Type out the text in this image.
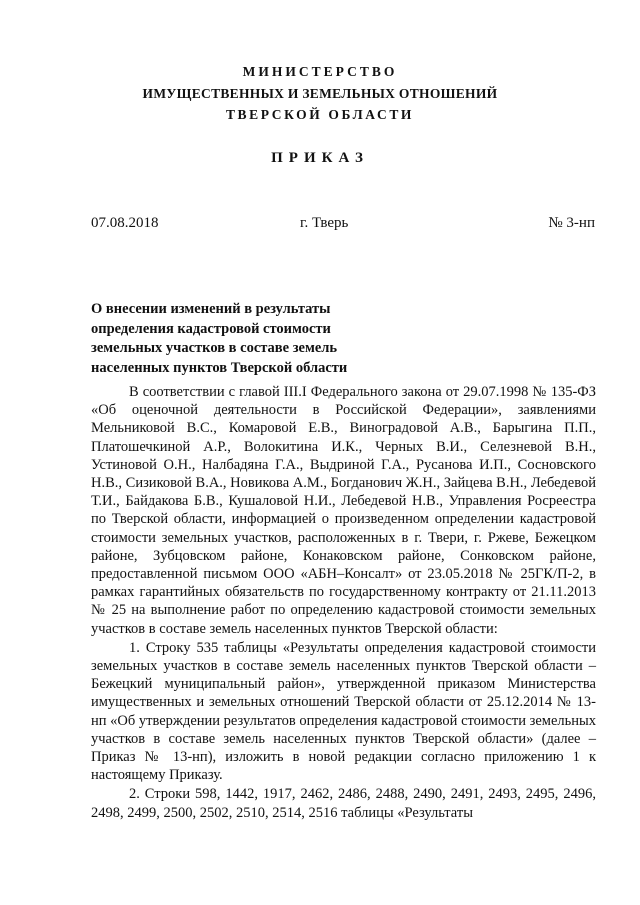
МИНИСТЕРСТВО
ИМУЩЕСТВЕННЫХ И ЗЕМЕЛЬНЫХ ОТНОШЕНИЙ
ТВЕРСКОЙ ОБЛАСТИ
ПРИКАЗ
07.08.2018	г. Тверь	№ 3-нп
О внесении изменений в результаты
определения кадастровой стоимости
земельных участков в составе земель
населенных пунктов Тверской области

В соответствии с главой III.I Федерального закона от 29.07.1998 № 135-ФЗ «Об оценочной деятельности в Российской Федерации», заявлениями Мельниковой В.С., Комаровой Е.В., Виноградовой А.В., Барыгина П.П., Платошечкиной А.Р., Волокитина И.К., Черных В.И., Селезневой В.Н., Устиновой О.Н., Налбадяна Г.А., Выдриной Г.А., Русанова И.П., Сосновского Н.В., Сизиковой В.А., Новикова А.М., Богданович Ж.Н., Зайцева В.Н., Лебедевой Т.И., Байдакова Б.В., Кушаловой Н.И., Лебедевой Н.В., Управления Росреестра по Тверской области, информацией о произведенном определении кадастровой стоимости земельных участков, расположенных в г. Твери, г. Ржеве, Бежецком районе, Зубцовском районе, Конаковском районе, Сонковском районе, предоставленной письмом ООО «АБН–Консалт» от 23.05.2018 № 25ГК/П-2, в рамках гарантийных обязательств по государственному контракту от 21.11.2013 № 25 на выполнение работ по определению кадастровой стоимости земельных участков в составе земель населенных пунктов Тверской области:

1. Строку 535 таблицы «Результаты определения кадастровой стоимости земельных участков в составе земель населенных пунктов Тверской области – Бежецкий муниципальный район», утвержденной приказом Министерства имущественных и земельных отношений Тверской области от 25.12.2014 № 13-нп «Об утверждении результатов определения кадастровой стоимости земельных участков в составе земель населенных пунктов Тверской области» (далее – Приказ № 13-нп), изложить в новой редакции согласно приложению 1 к настоящему Приказу.

2. Строки 598, 1442, 1917, 2462, 2486, 2488, 2490, 2491, 2493, 2495, 2496, 2498, 2499, 2500, 2502, 2510, 2514, 2516 таблицы «Результаты
